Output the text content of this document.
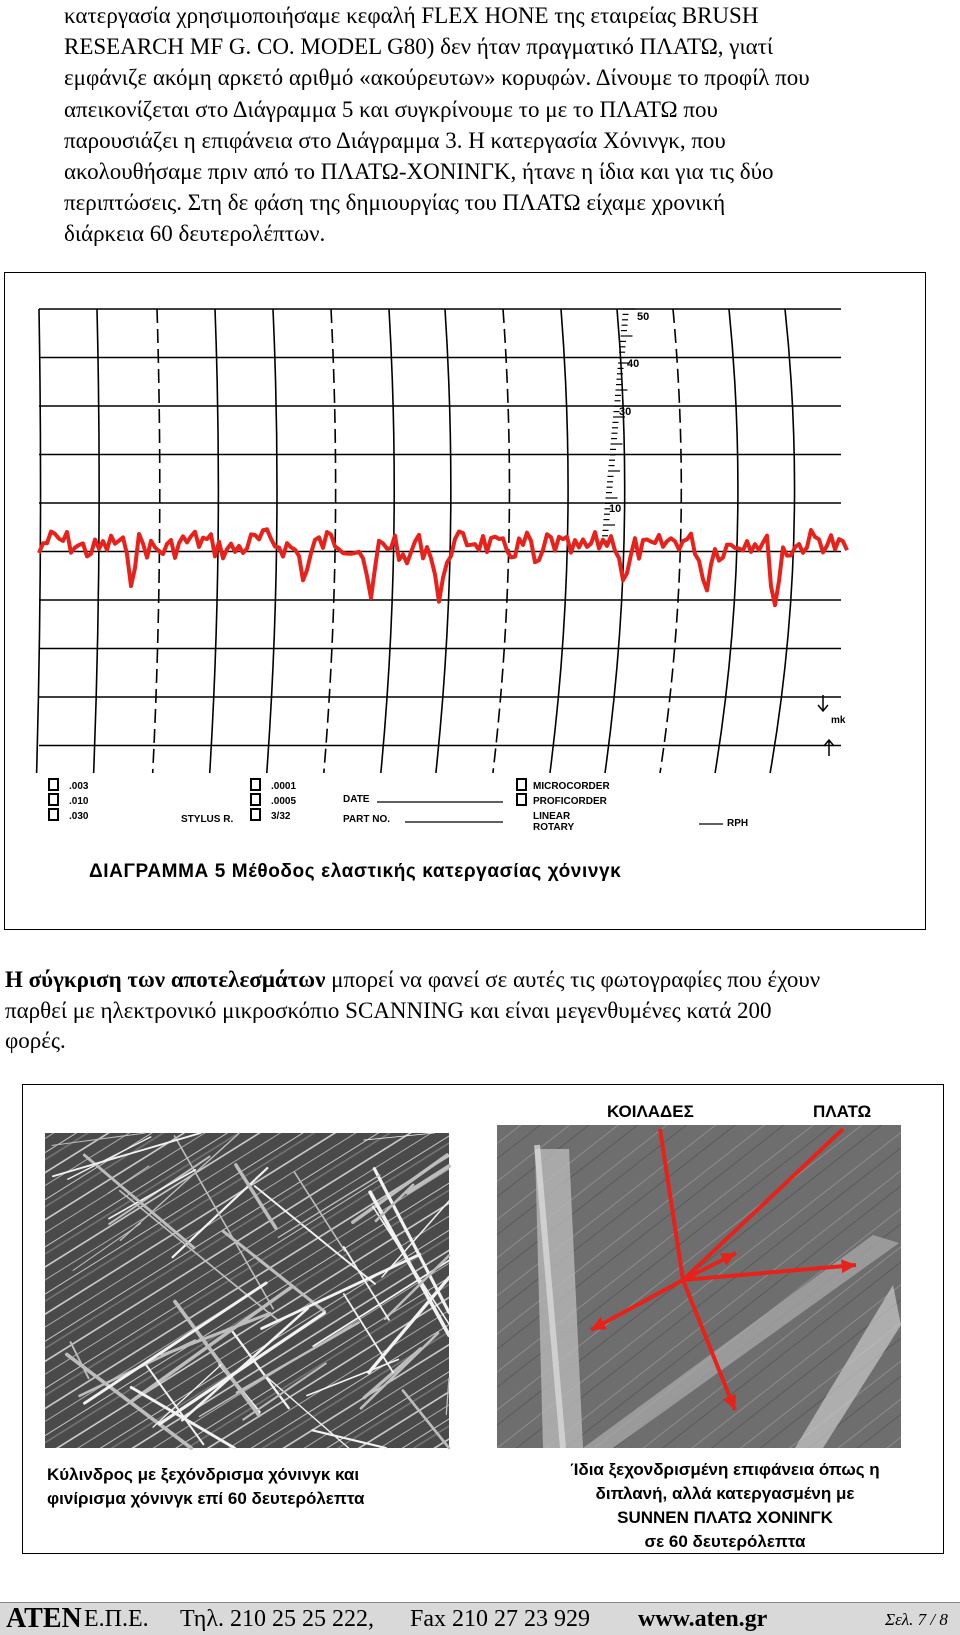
κατεργασία χρησιμοποιήσαμε κεφαλή FLEX HONE της εταιρείας BRUSH
RESEARCH MF G. CO. MODEL G80) δεν ήταν πραγματικό ΠΛΑΤΩ, γιατί
εμφάνιζε ακόμη αρκετό αριθμό «ακούρευτων» κορυφών. Δίνουμε το προφίλ που
απεικονίζεται στο Διάγραμμα 5 και συγκρίνουμε το με το ΠΛΑΤΩ που
παρουσιάζει η επιφάνεια στο Διάγραμμα 3. Η κατεργασία Χόνινγκ, που
ακολουθήσαμε πριν από το ΠΛΑΤΩ-ΧΟΝΙΝΓΚ, ήτανε η ίδια και για τις δύο
περιπτώσεις. Στη δε φάση της δημιουργίας του ΠΛΑΤΩ είχαμε χρονική
διάρκεια 60 δευτερολέπτων.
50
40
30
10
mk
.003
.010
.030	STYLUS R.
.0001
.0005
3/32
DATE
PART NO.
MICROCORDER
PROFICORDER
LINEAR
ROTARY	RPH
ΔΙΑΓΡΑΜΜΑ 5 Μέθοδος ελαστικής κατεργασίας χόνινγκ
Η σύγκριση των αποτελεσμάτων μπορεί να φανεί σε αυτές τις φωτογραφίες που έχουν
παρθεί με ηλεκτρονικό μικροσκόπιο SCANNING και είναι μεγενθυμένες κατά 200
φορές.
Κύλινδρος με ξεχόνδρισμα χόνινγκ και
φινίρισμα χόνινγκ επί 60 δευτερόλεπτα
ΚΟΙΛΑΔΕΣ	ΠΛΑΤΩ
Ίδια ξεχονδρισμένη επιφάνεια όπως η
διπλανή, αλλά κατεργασμένη με
SUNNEN ΠΛΑΤΩ ΧΟΝΙΝΓΚ
σε 60 δευτερόλεπτα
ATEN Ε.Π.Ε. Τηλ. 210 25 25 222, Fax 210 27 23 929 www.aten.gr	Σελ. 7 / 8
